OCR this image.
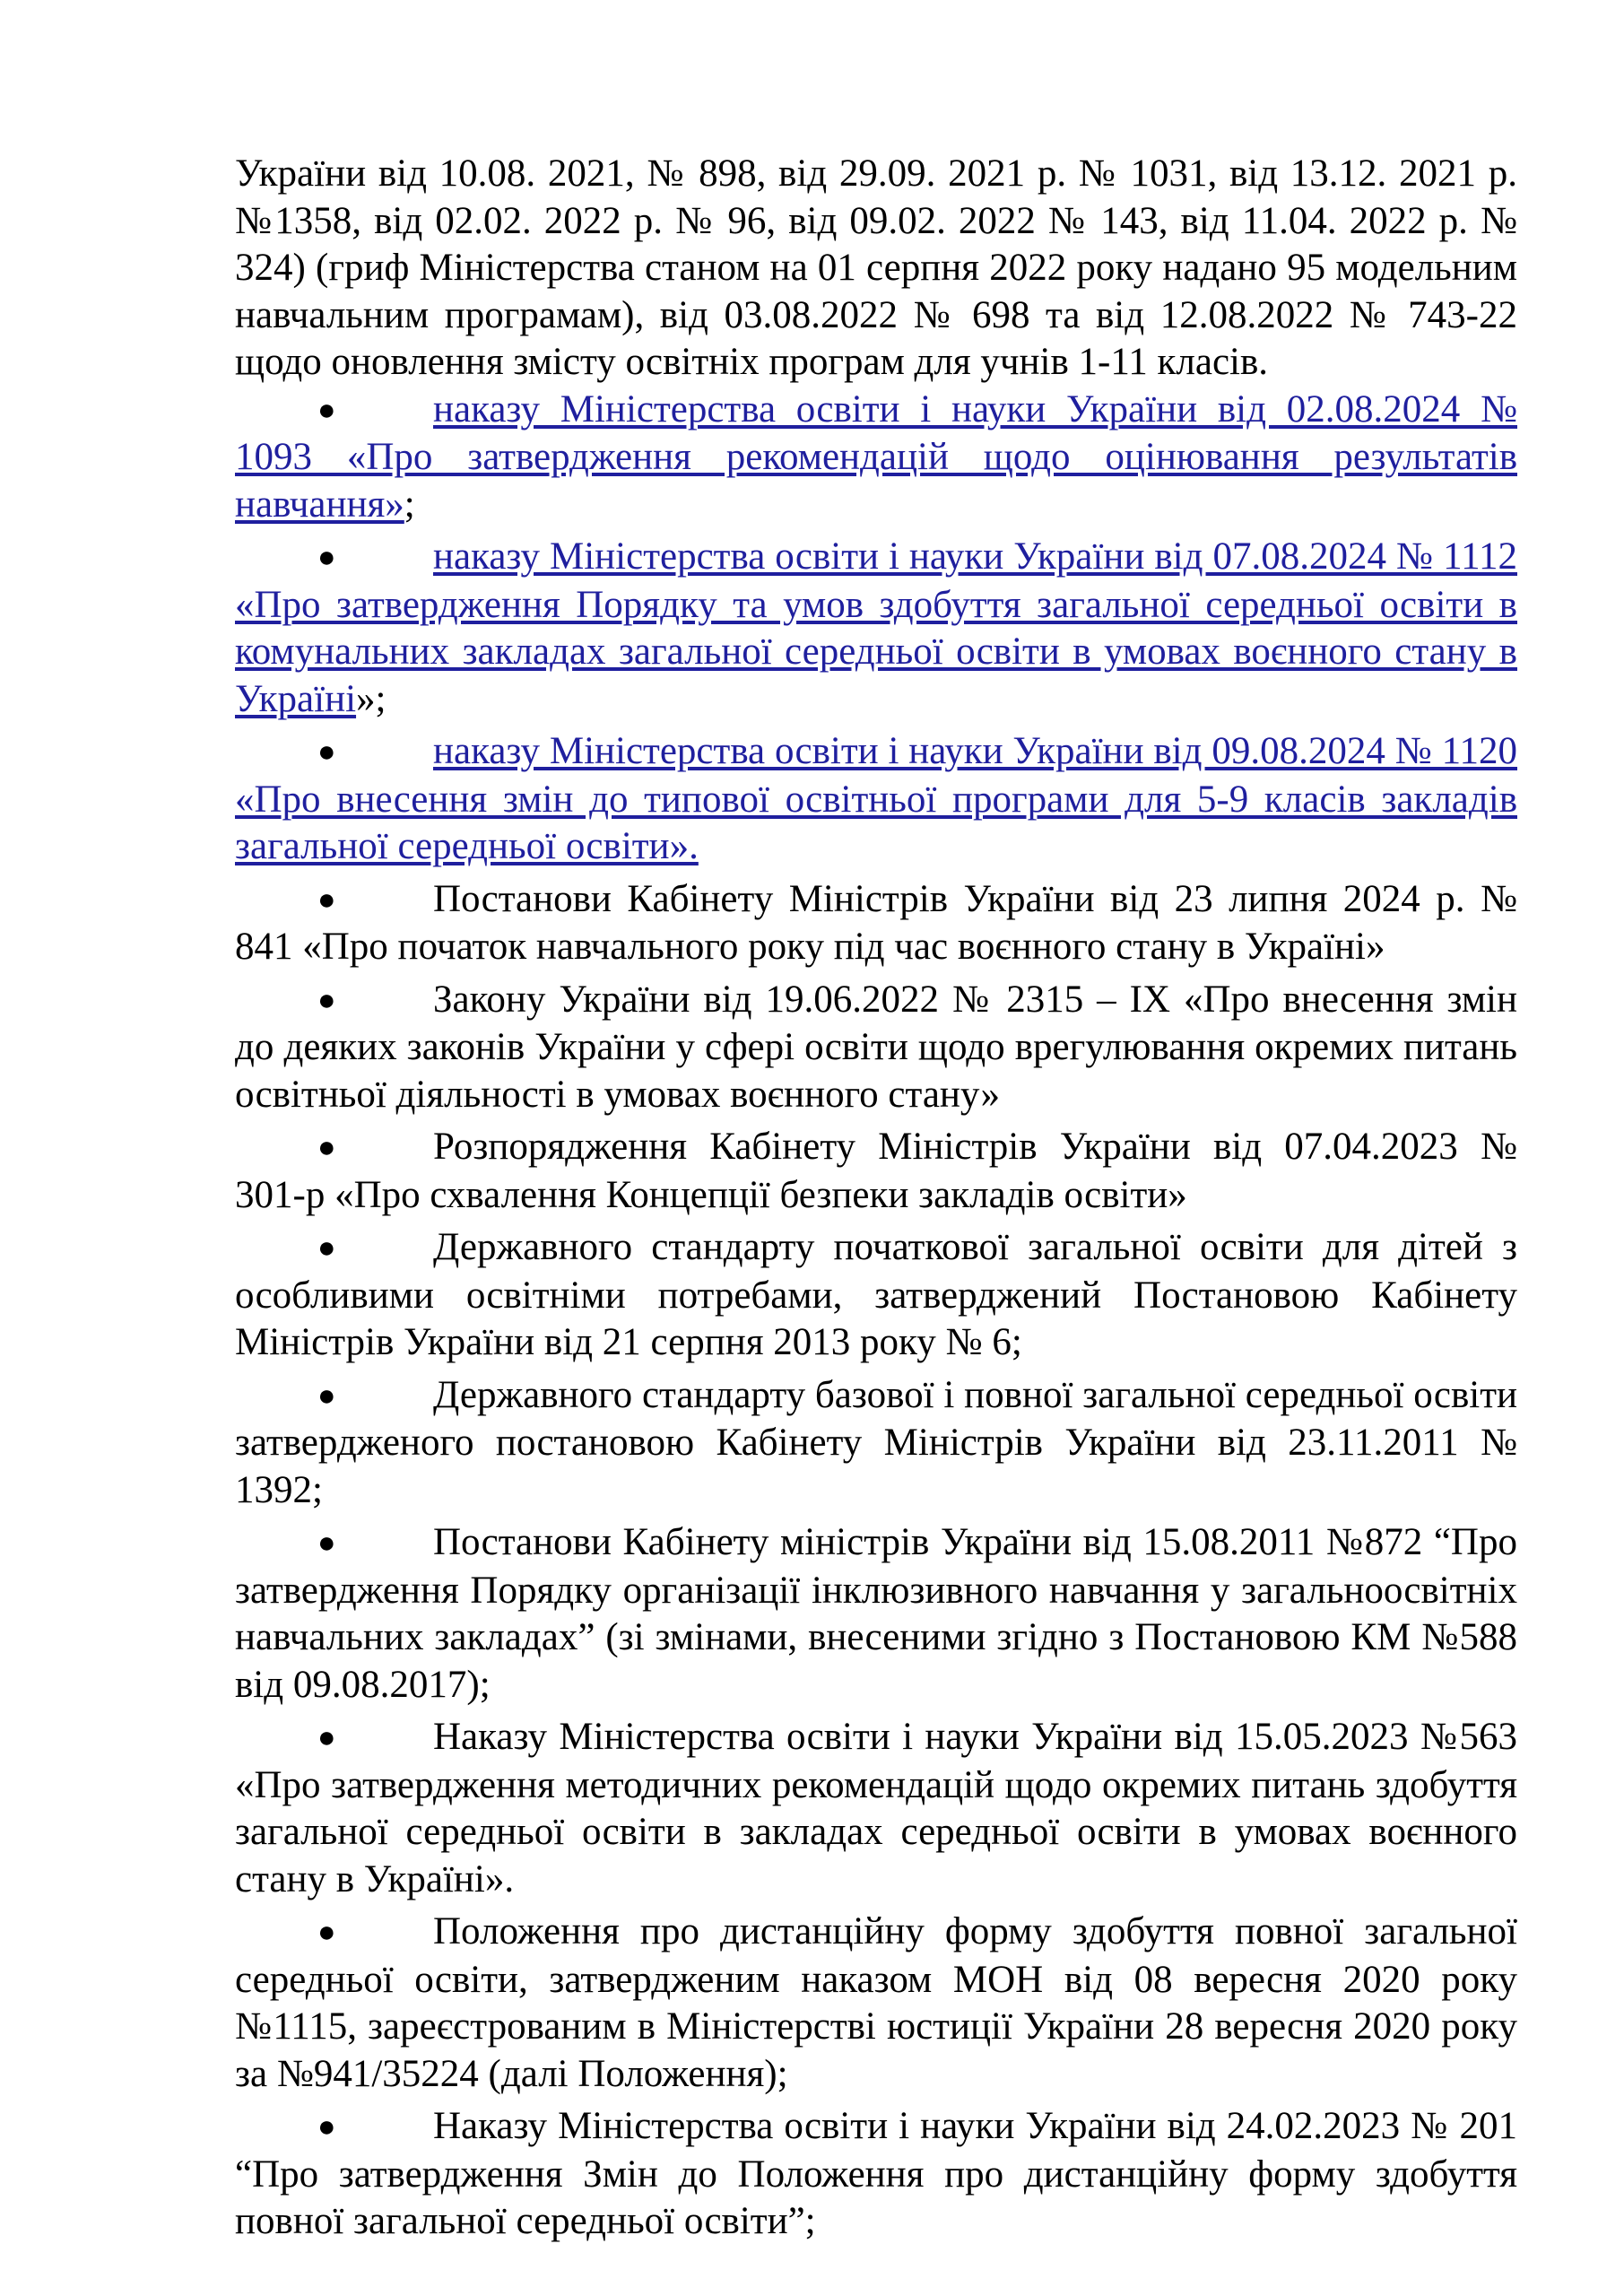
України від 10.08. 2021, № 898, від 29.09. 2021 р. № 1031, від 13.12. 2021 р. №1358, від 02.02. 2022 р. № 96, від 09.02. 2022 № 143, від 11.04. 2022 р. № 324) (гриф Міністерства станом на 01 серпня 2022 року надано 95 модельним навчальним програмам), від 03.08.2022 № 698 та від 12.08.2022 № 743-22 щодо оновлення змісту освітніх програм для учнів 1-11 класів.

●	наказу Міністерства освіти і науки України від 02.08.2024 № 1093 «Про затвердження рекомендацій щодо оцінювання результатів навчання»;

●	наказу Міністерства освіти і науки України від 07.08.2024 № 1112 «Про затвердження Порядку та умов здобуття загальної середньої освіти в комунальних закладах загальної середньої освіти в умовах воєнного стану в Україні»;

●	наказу Міністерства освіти і науки України від 09.08.2024 № 1120 «Про внесення змін до типової освітньої програми для 5-9 класів закладів загальної середньої освіти».

●	Постанови Кабінету Міністрів України від 23 липня 2024 р. № 841 «Про початок навчального року під час воєнного стану в Україні»

●	Закону України від 19.06.2022 № 2315 – IX «Про внесення змін до деяких законів України у сфері освіти щодо врегулювання окремих питань освітньої діяльності в умовах воєнного стану»

●	Розпорядження Кабінету Міністрів України від 07.04.2023 № 301-р «Про схвалення Концепції безпеки закладів освіти»

●	Державного стандарту початкової загальної освіти для дітей з особливими освітніми потребами, затверджений Постановою Кабінету Міністрів України від 21 серпня 2013 року № 6;

●	Державного стандарту базової і повної загальної середньої освіти затвердженого постановою Кабінету Міністрів України від 23.11.2011 № 1392;

●	Постанови Кабінету міністрів України від 15.08.2011 №872 “Про затвердження Порядку організації інклюзивного навчання у загальноосвітніх навчальних закладах” (зі змінами, внесеними згідно з Постановою КМ №588 від 09.08.2017);

●	Наказу Міністерства освіти і науки України від 15.05.2023 №563 «Про затвердження методичних рекомендацій щодо окремих питань здобуття загальної середньої освіти в закладах середньої освіти в умовах воєнного стану в Україні».

●	Положення про дистанційну форму здобуття повної загальної середньої освіти, затвердженим наказом МОН від 08 вересня 2020 року №1115, зареєстрованим в Міністерстві юстиції України 28 вересня 2020 року за №941/35224 (далі Положення);

●	Наказу Міністерства освіти і науки України від 24.02.2023 № 201 “Про затвердження Змін до Положення про дистанційну форму здобуття повної загальної середньої освіти”;
